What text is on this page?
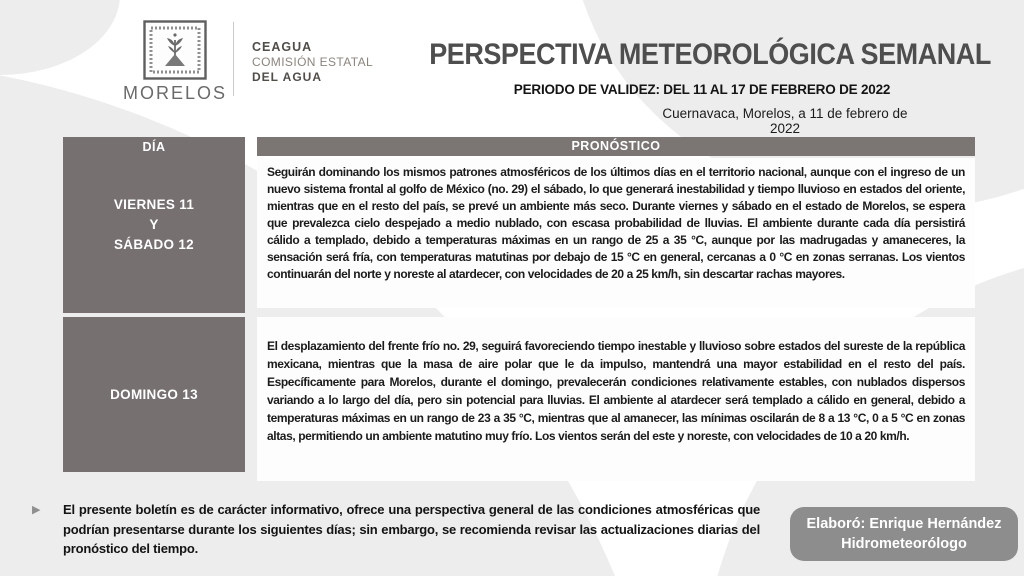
MORELOS
CEAGUA
COMISIÓN ESTATAL
DEL AGUA
PERSPECTIVA METEOROLÓGICA SEMANAL
PERIODO DE VALIDEZ: DEL 11 AL 17 DE FEBRERO DE 2022
Cuernavaca, Morelos, a 11 de febrero de 2022
DÍA
VIERNES 11
Y
SÁBADO 12
PRONÓSTICO
Seguirán dominando los mismos patrones atmosféricos de los últimos días en el territorio nacional, aunque con el ingreso de un nuevo sistema frontal al golfo de México (no. 29) el sábado, lo que generará inestabilidad y tiempo lluvioso en estados del oriente, mientras que en el resto del país, se prevé un ambiente más seco. Durante viernes y sábado en el estado de Morelos, se espera que prevalezca cielo despejado a medio nublado, con escasa probabilidad de lluvias. El ambiente durante cada día persistirá cálido a templado, debido a temperaturas máximas en un rango de 25 a 35 °C, aunque por las madrugadas y amaneceres, la sensación será fría, con temperaturas matutinas por debajo de 15 °C en general, cercanas a 0 °C en zonas serranas. Los vientos continuarán del norte y noreste al atardecer, con velocidades de 20 a 25 km/h, sin descartar rachas mayores.
DOMINGO 13
El desplazamiento del frente frío no. 29, seguirá favoreciendo tiempo inestable y lluvioso sobre estados del sureste de la república mexicana, mientras que la masa de aire polar que le da impulso, mantendrá una mayor estabilidad en el resto del país. Específicamente para Morelos, durante el domingo, prevalecerán condiciones relativamente estables, con nublados dispersos variando a lo largo del día, pero sin potencial para lluvias. El ambiente al atardecer será templado a cálido en general, debido a temperaturas máximas en un rango de 23 a 35 °C, mientras que al amanecer, las mínimas oscilarán de 8 a 13 °C, 0 a 5 °C en zonas altas, permitiendo un ambiente matutino muy frío. Los vientos serán del este y noreste, con velocidades de 10 a 20 km/h.
▶ El presente boletín es de carácter informativo, ofrece una perspectiva general de las condiciones atmosféricas que podrían presentarse durante los siguientes días; sin embargo, se recomienda revisar las actualizaciones diarias del pronóstico del tiempo.
Elaboró: Enrique Hernández
Hidrometeorólogo
